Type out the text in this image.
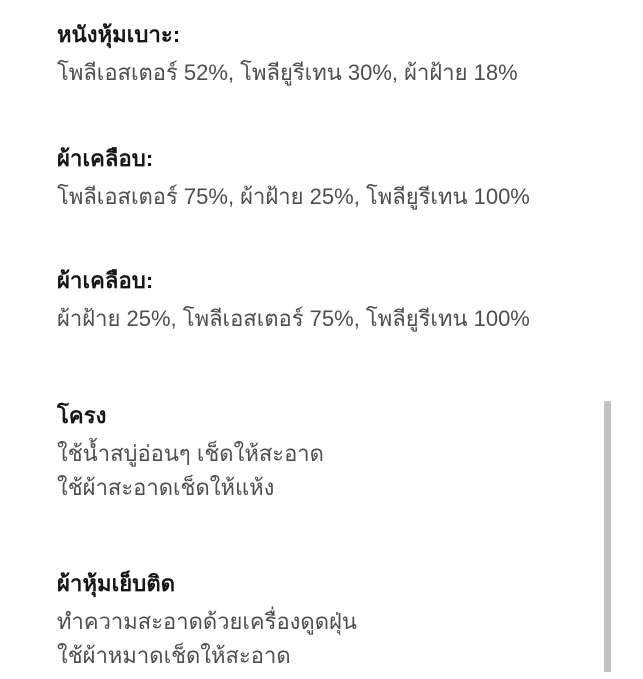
หนังหุ้มเบาะ:

โพลีเอสเตอร์ 52%, โพลียูรีเทน 30%, ผ้าฝ้าย 18%

ผ้าเคลือบ:

โพลีเอสเตอร์ 75%, ผ้าฝ้าย 25%, โพลียูรีเทน 100%

ผ้าเคลือบ:

ผ้าฝ้าย 25%, โพลีเอสเตอร์ 75%, โพลียูรีเทน 100%

โครง

ใช้น้ำสบู่อ่อนๆ เช็ดให้สะอาด

ใช้ผ้าสะอาดเช็ดให้แห้ง

ผ้าหุ้มเย็บติด

ทำความสะอาดด้วยเครื่องดูดฝุ่น

ใช้ผ้าหมาดเช็ดให้สะอาด
